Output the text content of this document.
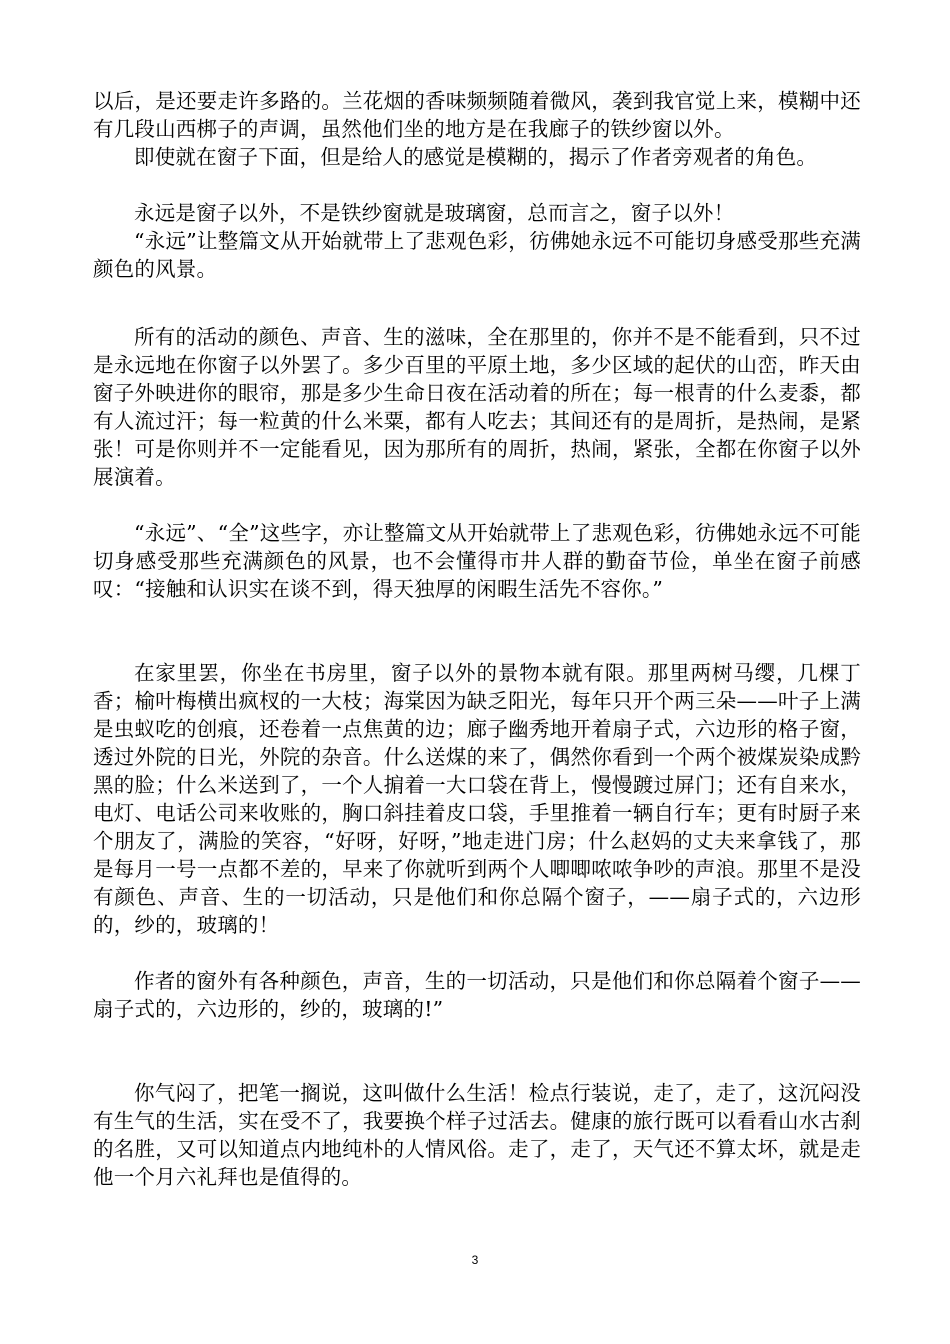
以后，是还要走许多路的。兰花烟的香味频频随着微风，袭到我官觉上来，模糊中还有几段山西梆子的声调，虽然他们坐的地方是在我廊子的铁纱窗以外。

即使就在窗子下面，但是给人的感觉是模糊的，揭示了作者旁观者的角色。

永远是窗子以外，不是铁纱窗就是玻璃窗，总而言之，窗子以外！

“永远”让整篇文从开始就带上了悲观色彩，彷佛她永远不可能切身感受那些充满颜色的风景。

所有的活动的颜色、声音、生的滋味，全在那里的，你并不是不能看到，只不过是永远地在你窗子以外罢了。多少百里的平原土地，多少区域的起伏的山峦，昨天由窗子外映进你的眼帘，那是多少生命日夜在活动着的所在；每一根青的什么麦黍，都有人流过汗；每一粒黄的什么米粟，都有人吃去；其间还有的是周折，是热闹，是紧张！可是你则并不一定能看见，因为那所有的周折，热闹，紧张，全都在你窗子以外展演着。

“永远”、“全”这些字，亦让整篇文从开始就带上了悲观色彩，彷佛她永远不可能切身感受那些充满颜色的风景，也不会懂得市井人群的勤奋节俭，单坐在窗子前感叹：“接触和认识实在谈不到，得天独厚的闲暇生活先不容你。”

在家里罢，你坐在书房里，窗子以外的景物本就有限。那里两树马缨，几棵丁香；榆叶梅横出疯杈的一大枝；海棠因为缺乏阳光，每年只开个两三朵——叶子上满是虫蚁吃的创痕，还卷着一点焦黄的边；廊子幽秀地开着扇子式，六边形的格子窗，透过外院的日光，外院的杂音。什么送煤的来了，偶然你看到一个两个被煤炭染成黔黑的脸；什么米送到了，一个人掮着一大口袋在背上，慢慢踱过屏门；还有自来水，电灯、电话公司来收账的，胸口斜挂着皮口袋，手里推着一辆自行车；更有时厨子来个朋友了，满脸的笑容，“好呀，好呀，”地走进门房；什么赵妈的丈夫来拿钱了，那是每月一号一点都不差的，早来了你就听到两个人唧唧哝哝争吵的声浪。那里不是没有颜色、声音、生的一切活动，只是他们和你总隔个窗子，——扇子式的，六边形的，纱的，玻璃的！

作者的窗外有各种颜色，声音，生的一切活动，只是他们和你总隔着个窗子——扇子式的，六边形的，纱的，玻璃的!”

你气闷了，把笔一搁说，这叫做什么生活！检点行装说，走了，走了，这沉闷没有生气的生活，实在受不了，我要换个样子过活去。健康的旅行既可以看看山水古刹的名胜，又可以知道点内地纯朴的人情风俗。走了，走了，天气还不算太坏，就是走他一个月六礼拜也是值得的。

3
